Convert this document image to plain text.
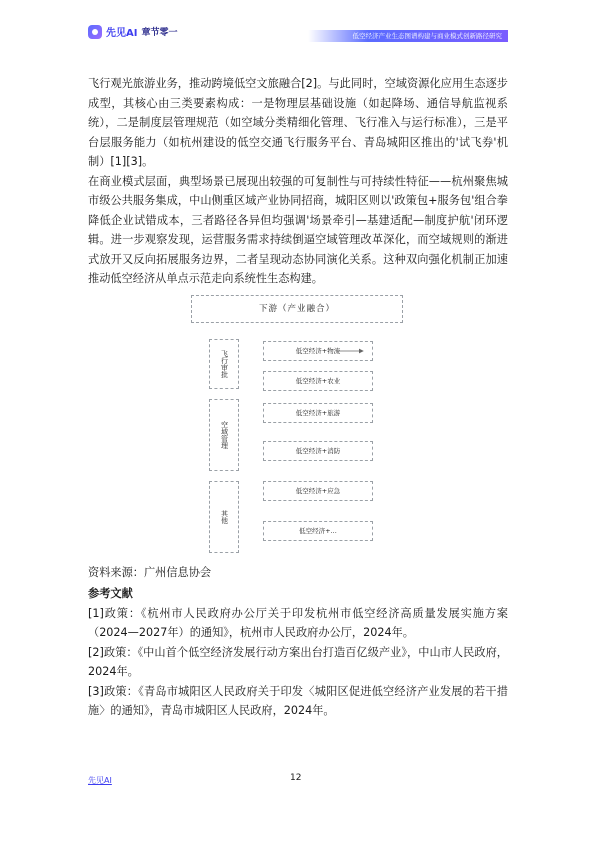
先见AI 章节零一	低空经济产业生态图谱构建与商业模式创新路径研究

飞行观光旅游业务，推动跨境低空文旅融合[2]。与此同时，空域资源化应用生态逐步成型，其核心由三类要素构成：一是物理层基础设施（如起降场、通信导航监视系统），二是制度层管理规范（如空域分类精细化管理、飞行准入与运行标准），三是平台层服务能力（如杭州建设的低空交通飞行服务平台、青岛城阳区推出的'试飞券'机制）[1][3]。

在商业模式层面，典型场景已展现出较强的可复制性与可持续性特征——杭州聚焦城市级公共服务集成，中山侧重区域产业协同招商，城阳区则以'政策包+服务包'组合拳降低企业试错成本，三者路径各异但均强调'场景牵引—基建适配—制度护航'闭环逻辑。进一步观察发现，运营服务需求持续倒逼空域管理改革深化，而空域规则的渐进式放开又反向拓展服务边界，二者呈现动态协同演化关系。这种双向强化机制正加速推动低空经济从单点示范走向系统性生态构建。

下游（产业融合）
飞行审批
空域管理
其他
低空经济+物流
低空经济+农业
低空经济+旅游
低空经济+消防
低空经济+应急
低空经济+...

资料来源：广州信息协会

参考文献

[1]政策：《杭州市人民政府办公厅关于印发杭州市低空经济高质量发展实施方案（2024—2027年）的通知》，杭州市人民政府办公厅，2024年。

[2]政策：《中山首个低空经济发展行动方案出台打造百亿级产业》，中山市人民政府，2024年。

[3]政策：《青岛市城阳区人民政府关于印发〈城阳区促进低空经济产业发展的若干措施〉的通知》，青岛市城阳区人民政府，2024年。

先见AI	12
